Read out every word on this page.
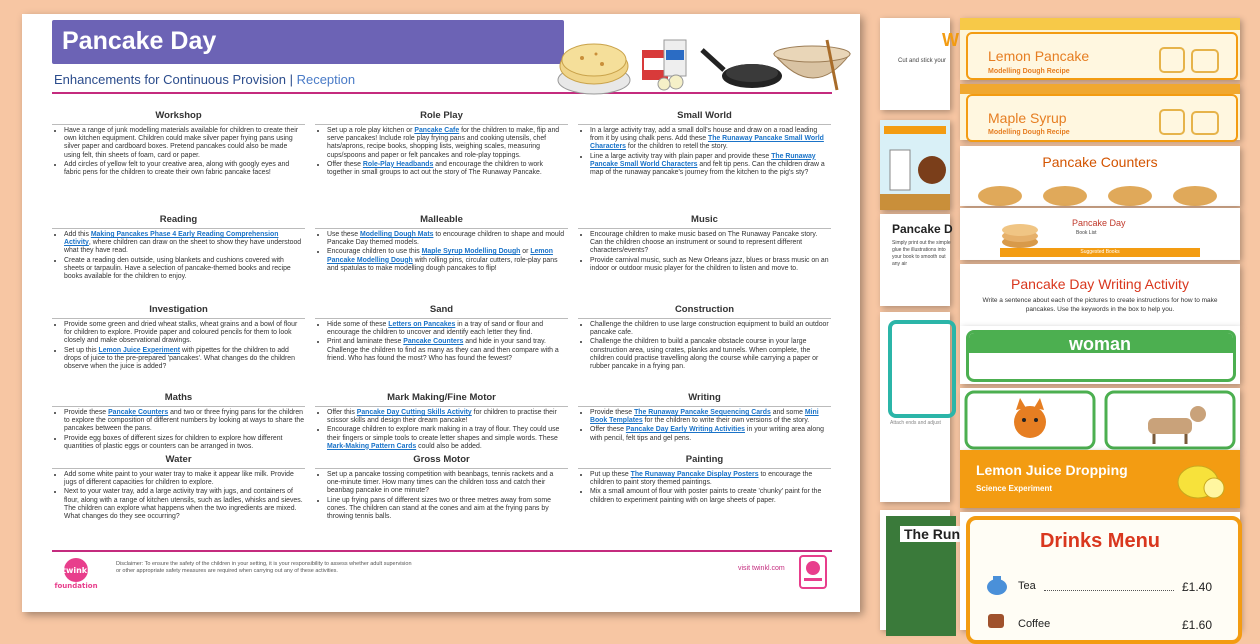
Pancake Day
Enhancements for Continuous Provision | Reception
Workshop
• Have a range of junk modelling materials available for children to create their own kitchen equipment. Children could make silver paper frying pans using silver paper and cardboard boxes. Pretend pancakes could also be made using felt, thin sheets of foam, card or paper.
• Add circles of yellow felt to your creative area, along with googly eyes and fabric pens for the children to create their own fabric pancake faces!
Role Play
• Set up a role play kitchen or Pancake Cafe for the children to make, flip and serve pancakes! Include role play frying pans and cooking utensils, chef hats/aprons, recipe books, shopping lists, weighing scales, measuring cups/spoons and paper or felt pancakes and role-play toppings.
• Offer these Role-Play Headbands and encourage the children to work together in small groups to act out the story of The Runaway Pancake.
Small World
• In a large activity tray, add a small doll's house and draw on a road leading from it by using chalk pens. Add these The Runaway Pancake Small World Characters for the children to retell the story.
• Line a large activity tray with plain paper and provide these The Runaway Pancake Small World Characters and felt tip pens. Can the children draw a map of the runaway pancake's journey from the kitchen to the pig's sty?
Reading
• Add this Making Pancakes Phase 4 Early Reading Comprehension Activity, where children can draw on the sheet to show they have understood what they have read.
• Create a reading den outside, using blankets and cushions covered with sheets or tarpaulin. Have a selection of pancake-themed books and recipe books available for the children to enjoy.
Malleable
• Use these Modelling Dough Mats to encourage children to shape and mould Pancake Day themed models.
• Encourage children to use this Maple Syrup Modelling Dough or Lemon Pancake Modelling Dough with rolling pins, circular cutters, role-play pans and spatulas to make modelling dough pancakes to flip!
Music
• Encourage children to make music based on The Runaway Pancake story. Can the children choose an instrument or sound to represent different characters/events?
• Provide carnival music, such as New Orleans jazz, blues or brass music on an indoor or outdoor music player for the children to listen and move to.
Investigation
• Provide some green and dried wheat stalks, wheat grains and a bowl of flour for children to explore. Provide paper and coloured pencils for them to look closely and make observational drawings.
• Set up this Lemon Juice Experiment with pipettes for the children to add drops of juice to the pre-prepared 'pancakes'. What changes do the children observe when the juice is added?
Sand
• Hide some of these Letters on Pancakes in a tray of sand or flour and encourage the children to uncover and identify each letter they find.
• Print and laminate these Pancake Counters and hide in your sand tray. Challenge the children to find as many as they can and then compare with a friend. Who has found the most? Who has found the fewest?
Construction
• Challenge the children to use large construction equipment to build an outdoor pancake cafe.
• Challenge the children to build a pancake obstacle course in your large construction area, using crates, planks and tunnels. When complete, the children could practise travelling along the course while carrying a paper or rubber pancake in a frying pan.
Maths
• Provide these Pancake Counters and two or three frying pans for the children to explore the composition of different numbers by looking at ways to share the pancakes between the pans.
• Provide egg boxes of different sizes for children to explore how different quantities of plastic eggs or counters can be arranged in twos.
Mark Making/Fine Motor
• Offer this Pancake Day Cutting Skills Activity for children to practise their scissor skills and design their dream pancake!
• Encourage children to explore mark making in a tray of flour. They could use their fingers or simple tools to create letter shapes and simple words. These Mark-Making Pattern Cards could also be added.
Writing
• Provide these The Runaway Pancake Sequencing Cards and some Mini Book Templates for the children to write their own versions of the story.
• Offer these Pancake Day Early Writing Activities in your writing area along with pencil, felt tips and gel pens.
Water
• Add some white paint to your water tray to make it appear like milk. Provide jugs of different capacities for children to explore.
• Next to your water tray, add a large activity tray with jugs, and containers of flour, along with a range of kitchen utensils, such as ladles, whisks and sieves. The children can explore what happens when the two ingredients are mixed. What changes do they see occurring?
Gross Motor
• Set up a pancake tossing competition with beanbags, tennis rackets and a one-minute timer. How many times can the children toss and catch their beanbag pancake in one minute?
• Line up frying pans of different sizes two or three metres away from some cones. The children can stand at the cones and aim at the frying pans by throwing tennis balls.
Painting
• Put up these The Runaway Pancake Display Posters to encourage the children to paint story themed paintings.
• Mix a small amount of flour with poster paints to create 'chunky' paint for the children to experiment painting with on large sheets of paper.
twinkl
foundation
Disclaimer: To ensure the safety of the children in your setting, it is your responsibility to assess whether adult supervision or other appropriate safety measures are required when carrying out any of these activities.	visit twinkl.com
W
Cut and stick your
Pancake D
Simply print out the simple glue the illustrations into your book to smooth out any air
Attach ends and adjust
The Run
Lemon Pancake
Modelling Dough Recipe
Maple Syrup
Modelling Dough Recipe
Pancake Counters
Pancake Day
Book List
Suggested Books
Pancake Day Writing Activity
Write a sentence about each of the pictures to create instructions for how to make pancakes. Use the keywords in the box to help you.
woman
Lemon Juice Dropping
Science Experiment
Drinks Menu
Tea	£1.40
Coffee	£1.60
